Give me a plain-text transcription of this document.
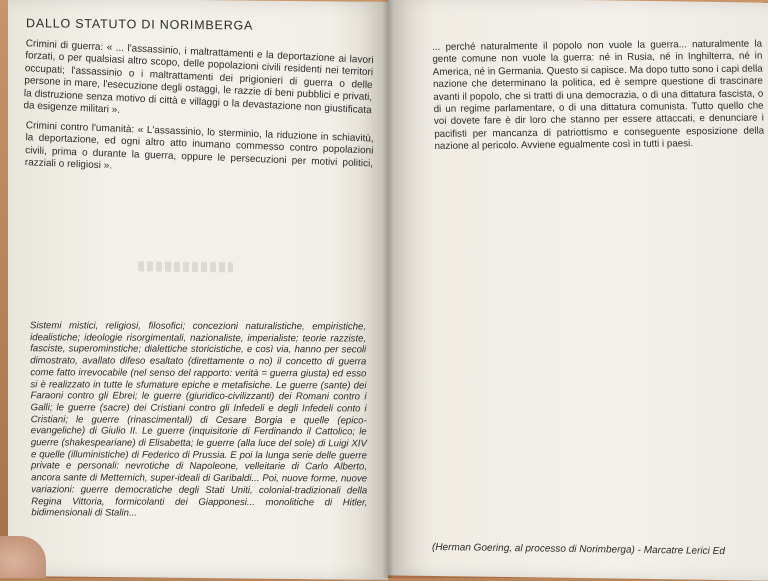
DALLO STATUTO DI NORIMBERGA

Crimini di guerra: « ... l'assassinio, i maltrattamenti e la deportazione ai lavori forzati, o per qualsiasi altro scopo, delle popolazioni civili residenti nei territori occupati; l'assassinio o i maltrattamenti dei prigionieri di guerra o delle persone in mare, l'esecuzione degli ostaggi, le razzie di beni pubblici e privati, la distruzione senza motivo di città e villaggi o la devastazione non giustificata da esigenze militari ».

Crimini contro l'umanità: « L'assassinio, lo sterminio, la riduzione in schiavitù, la deportazione, ed ogni altro atto inumano commesso contro popolazioni civili, prima o durante la guerra, oppure le persecuzioni per motivi politici, razziali o religiosi ».

Sistemi mistici, religiosi, filosofici; concezioni naturalistiche, empiristiche, idealistiche; ideologie risorgimentali, nazionaliste, imperialiste; teorie razziste, fasciste, superominstiche; dialettiche storicistiche, e così via, hanno per secoli dimostrato, avallato difeso esaltato (direttamente o no) il concetto di guerra come fatto irrevocabile (nel senso del rapporto: verità = guerra giusta) ed esso si è realizzato in tutte le sfumature epiche e metafisiche. Le guerre (sante) dei Faraoni contro gli Ebrei; le guerre (giuridico-civilizzanti) dei Romani contro i Galli; le guerre (sacre) dei Cristiani contro gli Infedeli e degli Infedeli conto i Cristiani; le guerre (rinascimentali) di Cesare Borgia e quelle (epico-evangeliche) di Giulio II. Le guerre (inquisitorie di Ferdinando il Cattolico; le guerre (shakespeariane) di Elisabetta; le guerre (alla luce del sole) di Luigi XIV e quelle (illuministiche) di Federico di Prussia. E poi la lunga serie delle guerre private e personali: nevrotiche di Napoleone, velleitarie di Carlo Alberto, ancora sante di Metternich, super-ideali di Garibaldi... Poi, nuove forme, nuove variazioni: guerre democratiche degli Stati Uniti, colonial-tradizionali della Regina Vittoria, formicolanti dei Giapponesi... monolitiche di Hitler, bidimensionali di Stalin...

... perché naturalmente il popolo non vuole la guerra... naturalmente la gente comune non vuole la guerra: né in Rusia, né in Inghilterra, né in America, né in Germania. Questo si capisce. Ma dopo tutto sono i capi della nazione che determinano la politica, ed è sempre questione di trascinare avanti il popolo, che si tratti di una democrazia, o di una dittatura fascista, o di un regime parlamentare, o di una dittatura comunista. Tutto quello che voi dovete fare è dir loro che stanno per essere attaccati, e denunciare i pacifisti per mancanza di patriottismo e conseguente esposizione della nazione al pericolo. Avviene egualmente così in tutti i paesi.

(Herman Goering, al processo di Norimberga) - Marcatre Lerici Ed
